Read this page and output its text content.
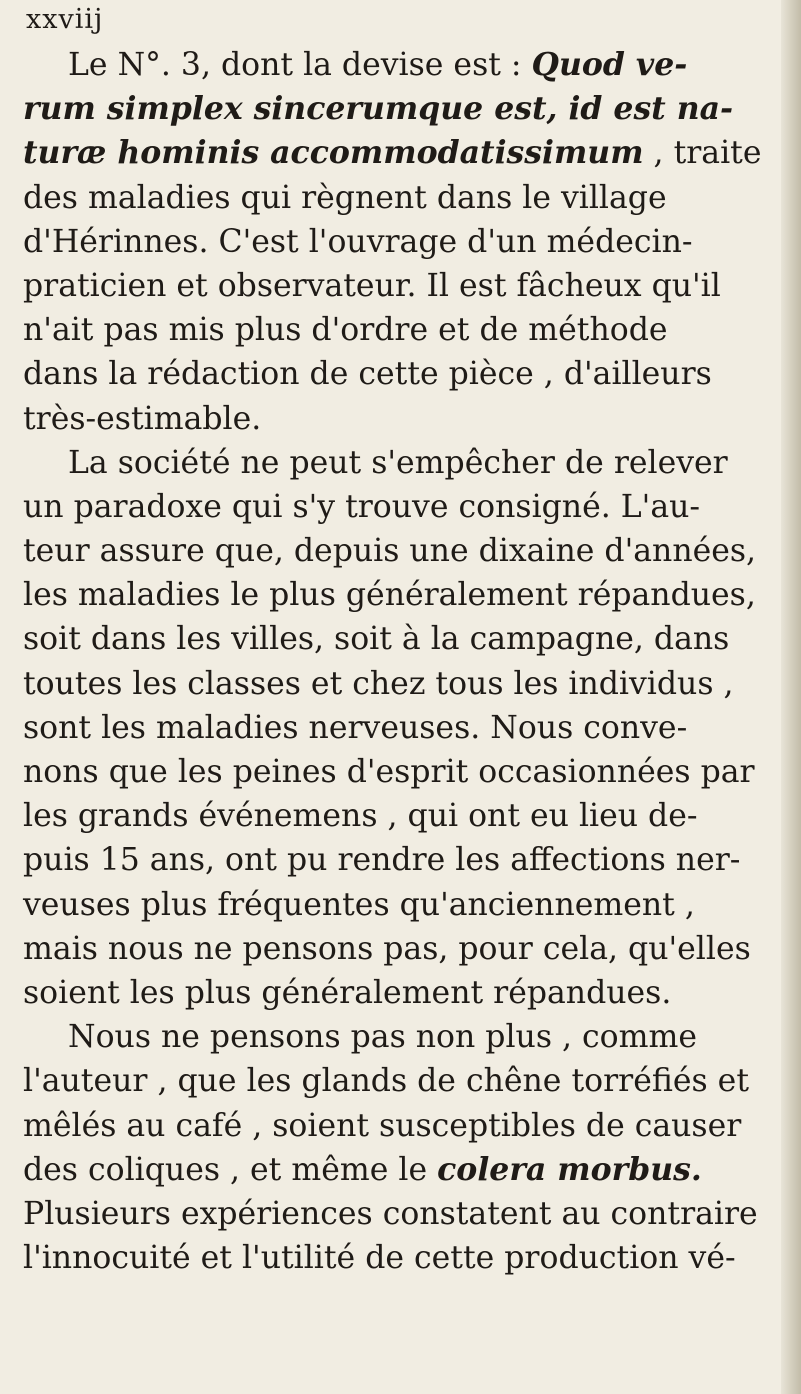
xxviij
Le N°. 3, dont la devise est : Quod ve-
rum simplex sincerumque est, id est na-
turæ hominis accommodatissimum , traite
des maladies qui règnent dans le village
d'Hérinnes. C'est l'ouvrage d'un médecin-
praticien et observateur. Il est fâcheux qu'il
n'ait pas mis plus d'ordre et de méthode
dans la rédaction de cette pièce , d'ailleurs
très-estimable.
La société ne peut s'empêcher de relever
un paradoxe qui s'y trouve consigné. L'au-
teur assure que, depuis une dixaine d'années,
les maladies le plus généralement répandues,
soit dans les villes, soit à la campagne, dans
toutes les classes et chez tous les individus ,
sont les maladies nerveuses. Nous conve-
nons que les peines d'esprit occasionnées par
les grands événemens , qui ont eu lieu de-
puis 15 ans, ont pu rendre les affections ner-
veuses plus fréquentes qu'anciennement ,
mais nous ne pensons pas, pour cela, qu'elles
soient les plus généralement répandues.
Nous ne pensons pas non plus , comme
l'auteur , que les glands de chêne torréfiés et
mêlés au café , soient susceptibles de causer
des coliques , et même le colera morbus.
Plusieurs expériences constatent au contraire
l'innocuité et l'utilité de cette production vé-
